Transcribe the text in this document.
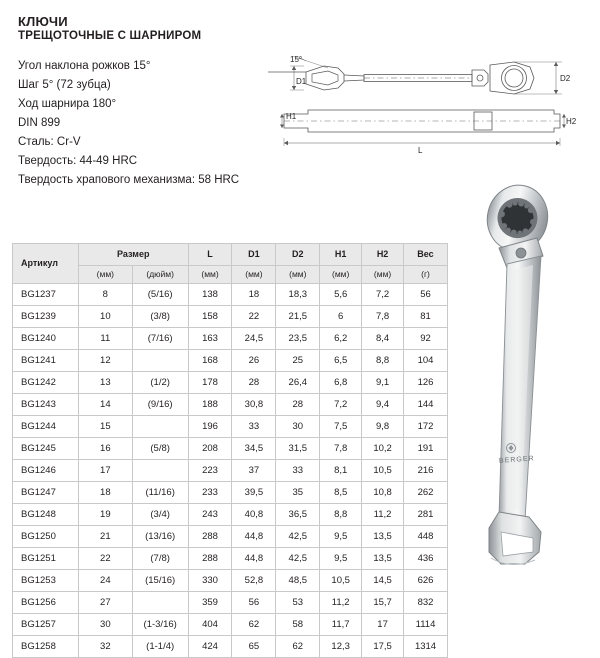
КЛЮЧИ
ТРЕЩОТОЧНЫЕ С ШАРНИРОМ
Угол наклона рожков 15°
Шаг 5° (72 зубца)
Ход шарнира 180°
DIN 899
Сталь: Cr-V
Твердость: 44-49 HRC
Твердость храпового механизма: 58 HRC
15°
D1	D2
H1
H2
L
BERGER
Артикул	Размер		L	D1	D2	H1	H2	Вес
	(мм)	(дюйм)	(мм)	(мм)	(мм)	(мм)	(мм)	(г)
BG1237	8	(5/16)	138	18	18,3	5,6	7,2	56
BG1239	10	(3/8)	158	22	21,5	6	7,8	81
BG1240	11	(7/16)	163	24,5	23,5	6,2	8,4	92
BG1241	12		168	26	25	6,5	8,8	104
BG1242	13	(1/2)	178	28	26,4	6,8	9,1	126
BG1243	14	(9/16)	188	30,8	28	7,2	9,4	144
BG1244	15		196	33	30	7,5	9,8	172
BG1245	16	(5/8)	208	34,5	31,5	7,8	10,2	191
BG1246	17		223	37	33	8,1	10,5	216
BG1247	18	(11/16)	233	39,5	35	8,5	10,8	262
BG1248	19	(3/4)	243	40,8	36,5	8,8	11,2	281
BG1250	21	(13/16)	288	44,8	42,5	9,5	13,5	448
BG1251	22	(7/8)	288	44,8	42,5	9,5	13,5	436
BG1253	24	(15/16)	330	52,8	48,5	10,5	14,5	626
BG1256	27		359	56	53	11,2	15,7	832
BG1257	30	(1-3/16)	404	62	58	11,7	17	1114
BG1258	32	(1-1/4)	424	65	62	12,3	17,5	1314
